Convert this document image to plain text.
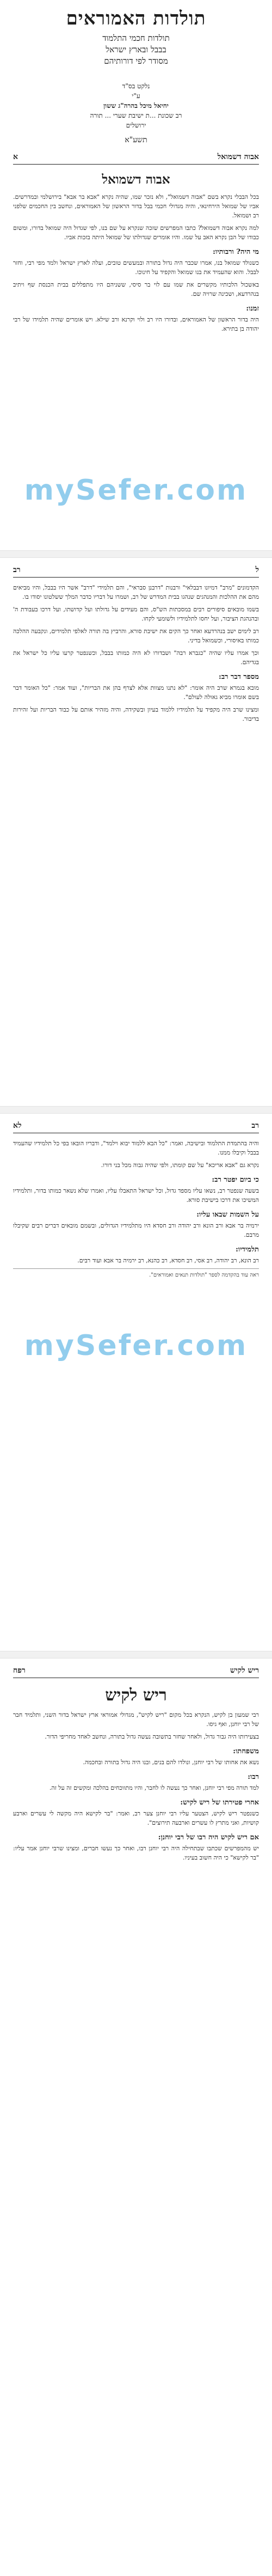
תולדות האמוראים
תולדות חכמי התלמוד
בבבל ובארץ ישראל
מסודר לפי דורותיהם
נלקט בס"ד
ע"י
יחיאל מיכל בהרה"ג ששון
רב שכונת ...ת ישיבת שערי ... תורה
ירושלים
תשע"א
אבוה דשמואל
א
אבוה דשמואל

בכל הבבלי נקרא בשם "אבוה דשמואל", ולא נזכר שמו, שהיה נקרא "אבא בר אבא" בירושלמי ובמדרשים. אביו של שמואל הירחינאי, והיה מגדולי חכמי בבל בדור הראשון של האמוראים, ונחשב בין החכמים שלפני רב ושמואל.

למה נקרא אבוה דשמואל? כתבו המפרשים שזכה שנקרא על שם בנו, לפי שגדול היה שמואל בדורו, ומשום כבודו של הבן נקרא האב על שמו. והיו אומרים שגדולתו של שמואל היתה בזכות אביו.

מי היה? ורבותיו:

כשנולד שמואל בנו, אמרו שכבר היה גדול בתורה ובמעשים טובים, ועלה לארץ ישראל ולמד מפי רבי, וחזר לבבל. והוא שהעמיד את בנו שמואל והקפיד על חינוכו.

באשכול הלכותיו מקשרים את שמו עם לוי בר סיסי, ששניהם היו מתפללים בבית הכנסת שף ויתיב בנהרדעא, ושכינה שרויה שם.

זמנו:

היה בדור הראשון של האמוראים, ובדורו היו רב ולוי וקרנא ורב שילא. ויש אומרים שהיה תלמידו של רבי יהודה בן בתירא.

mySefer.com
ל
רב

הקדמונים "מרב" דמיונו דבבלאי" ורבנות "דרבנן סבראי", והם תלמידי "דרב" אשר היו בבבל, והיו מביאים מהם את ההלכות והמנהגים שנהגו בבית המדרש של רב, ושמרו על דבריו כדבר המלך ששלטונו יסודו בו.

בשמו מובאים סיפורים רבים במסכתות הש"ס, והם מעידים על גדולתו ועל קדושתו, ועל דרכו בעבודת ה' ובהנהגת הציבור, ועל יחסו לתלמידיו ולשומעי לקחו.

רב לימים ישב בנהרדעא ואחר כך הקים את ישיבת סורא, והרביץ בה תורה לאלפי תלמידים, ונקבעה ההלכה כמותו באיסורי, וכשמואל בדיני.

וכך אמרו עליו שהיה "כגברא רבה" ושבדורו לא היה כמותו בבבל, וכשנפטר קרעו עליו כל ישראל את בגדיהם.

מספר דבר רב:

מובא בגמרא שרב היה אומר: "לא נתנו מצוות אלא לצרף בהן את הבריות", ועוד אמר: "כל האומר דבר בשם אומרו מביא גאולה לעולם".

ומצינו שרב היה מקפיד על תלמידיו ללמוד בעיון ובשקידה, והיה מזהיר אותם על כבוד הבריות ועל זהירות בדיבור.

רב
לא

והיה בהתמדת התלמוד ובישיבה, ואמר: "כל הבא ללמוד יבוא וילמד", ודבריו הובאו בפי כל תלמידיו שהעמיד בבבל וקיבלו ממנו.

נקרא גם "אבא אריכא" על שם קומתו, ולפי שהיה גבוה מכל בני דורו.

כי ביום יפטר רב:

בשעה שנפטר רב, נשאו עליו מספד גדול, וכל ישראל התאבלו עליו, ואמרו שלא נשאר כמותו בדור, ותלמידיו המשיכו את דרכו בישיבת סורא.

על השמות שבאו עליו:

ירמיה בר אבא ורב הונא ורב יהודה ורב חסדא היו מתלמידיו הגדולים, ובשמם מובאים דברים רבים שקיבלו מרבם.

תלמידיו:

רב הונא, רב יהודה, רב אסי, רב חסדא, רב כהנא, רב ירמיה בר אבא ועוד רבים.

ראה עוד בהקדמה לספר "תולדות תנאים ואמוראים".
mySefer.com
ריש לקיש
רפח
ריש לקיש

רבי שמעון בן לקיש, הנקרא בכל מקום "ריש לקיש", מגדולי אמוראי ארץ ישראל בדור השני, ותלמיד חבר של רבי יוחנן, ואף גיסו.

בצעירותו היה גבור גדול, ולאחר שחזר בתשובה נעשה גדול בתורה, ונחשב לאחד מחריפי הדור.

משפחתו:

נשא את אחותו של רבי יוחנן, ונולדו להם בנים, ובנו היה גדול בתורה ובחכמה.

רבו:

למד תורה מפי רבי יוחנן, ואחר כך נעשה לו לחבר, והיו מתווכחים בהלכה ומקשים זה על זה.

אחרי פטירתו של ריש לקיש:

כשנפטר ריש לקיש, הצטער עליו רבי יוחנן צער רב, ואמר: "בר לקישא היה מקשה לי עשרים וארבע קושיות, ואני מתרץ לו עשרים וארבעה תירוצים".

אם ריש לקיש היה רבו של רבי יוחנן:

יש מהמפרשים שכתבו שבתחילה היה רבי יוחנן רבו, ואחר כך נעשו חברים, ומצינו שרבי יוחנן אמר עליו: "בר לקישא" כי היה חשוב בעיניו.
